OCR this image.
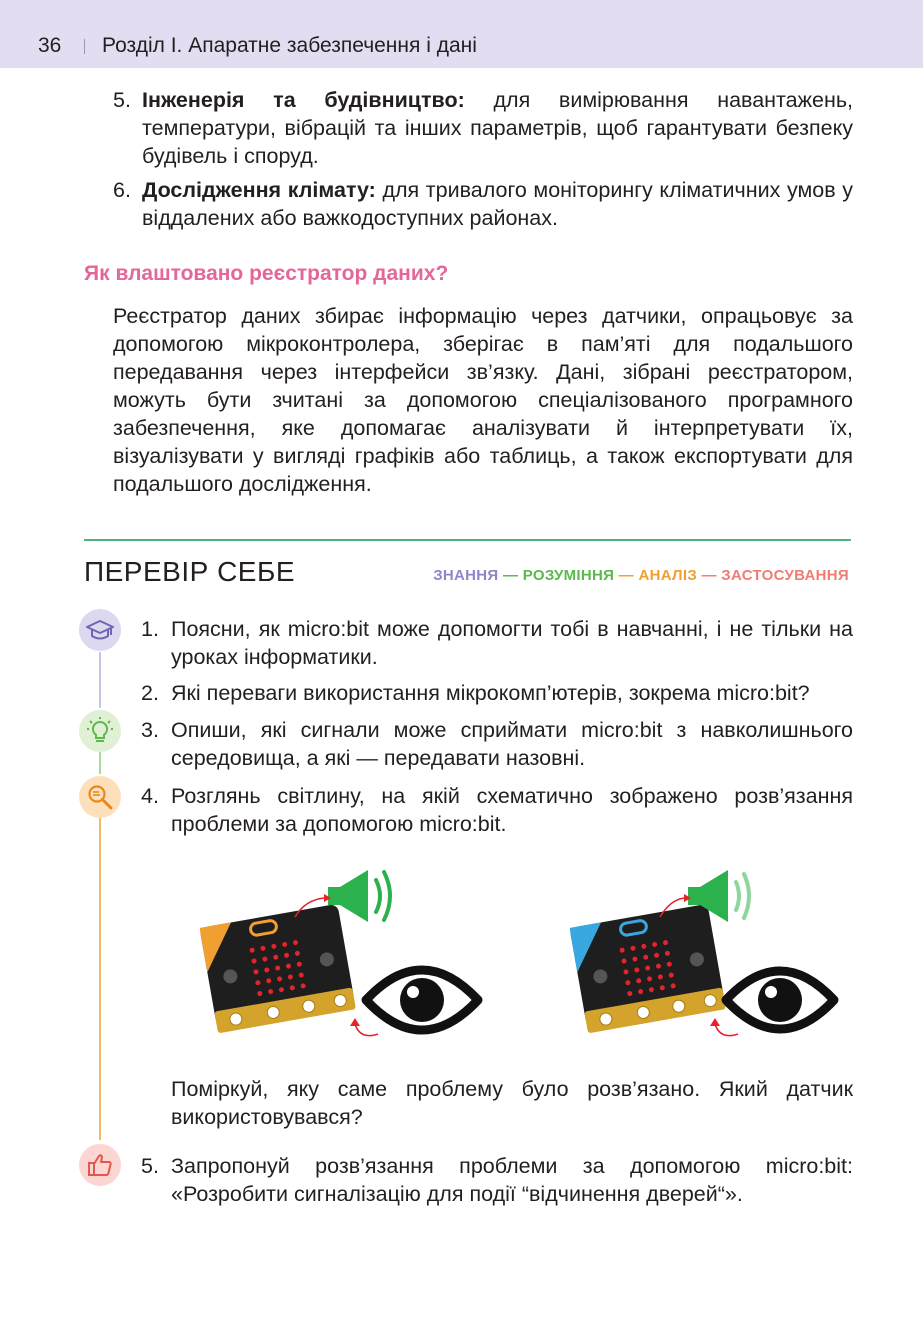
36 Розділ І. Апаратне забезпечення і дані
5. Інженерія та будівництво: для вимірювання навантажень, температури, вібрацій та інших параметрів, щоб гарантувати безпеку будівель і споруд.
6. Дослідження клімату: для тривалого моніторингу кліматичних умов у віддалених або важкодоступних районах.
Як влаштовано реєстратор даних?
Реєстратор даних збирає інформацію через датчики, опрацьовує за допомогою мікроконтролера, зберігає в пам’яті для подальшого передавання через інтерфейси зв’язку. Дані, зібрані реєстратором, можуть бути зчитані за допомогою спеціалізованого програмного забезпечення, яке допомагає аналізувати й інтерпретувати їх, візуалізувати у вигляді графіків або таблиць, а також експортувати для подальшого дослідження.
ПЕРЕВІР СЕБЕ	ЗНАННЯ — РОЗУМІННЯ — АНАЛІЗ — ЗАСТОСУВАННЯ
1. Поясни, як micro:bit може допомогти тобі в навчанні, і не тільки на уроках інформатики.
2. Які переваги використання мікрокомп’ютерів, зокрема micro:bit?
3. Опиши, які сигнали може сприймати micro:bit з навколишнього середовища, а які — передавати назовні.
4. Розглянь світлину, на якій схематично зображено розв’язання проблеми за допомогою micro:bit.
Поміркуй, яку саме проблему було розв’язано. Який датчик використовувався?
5. Запропонуй розв’язання проблеми за допомогою micro:bit: «Розробити сигналізацію для події “відчинення дверей“».
